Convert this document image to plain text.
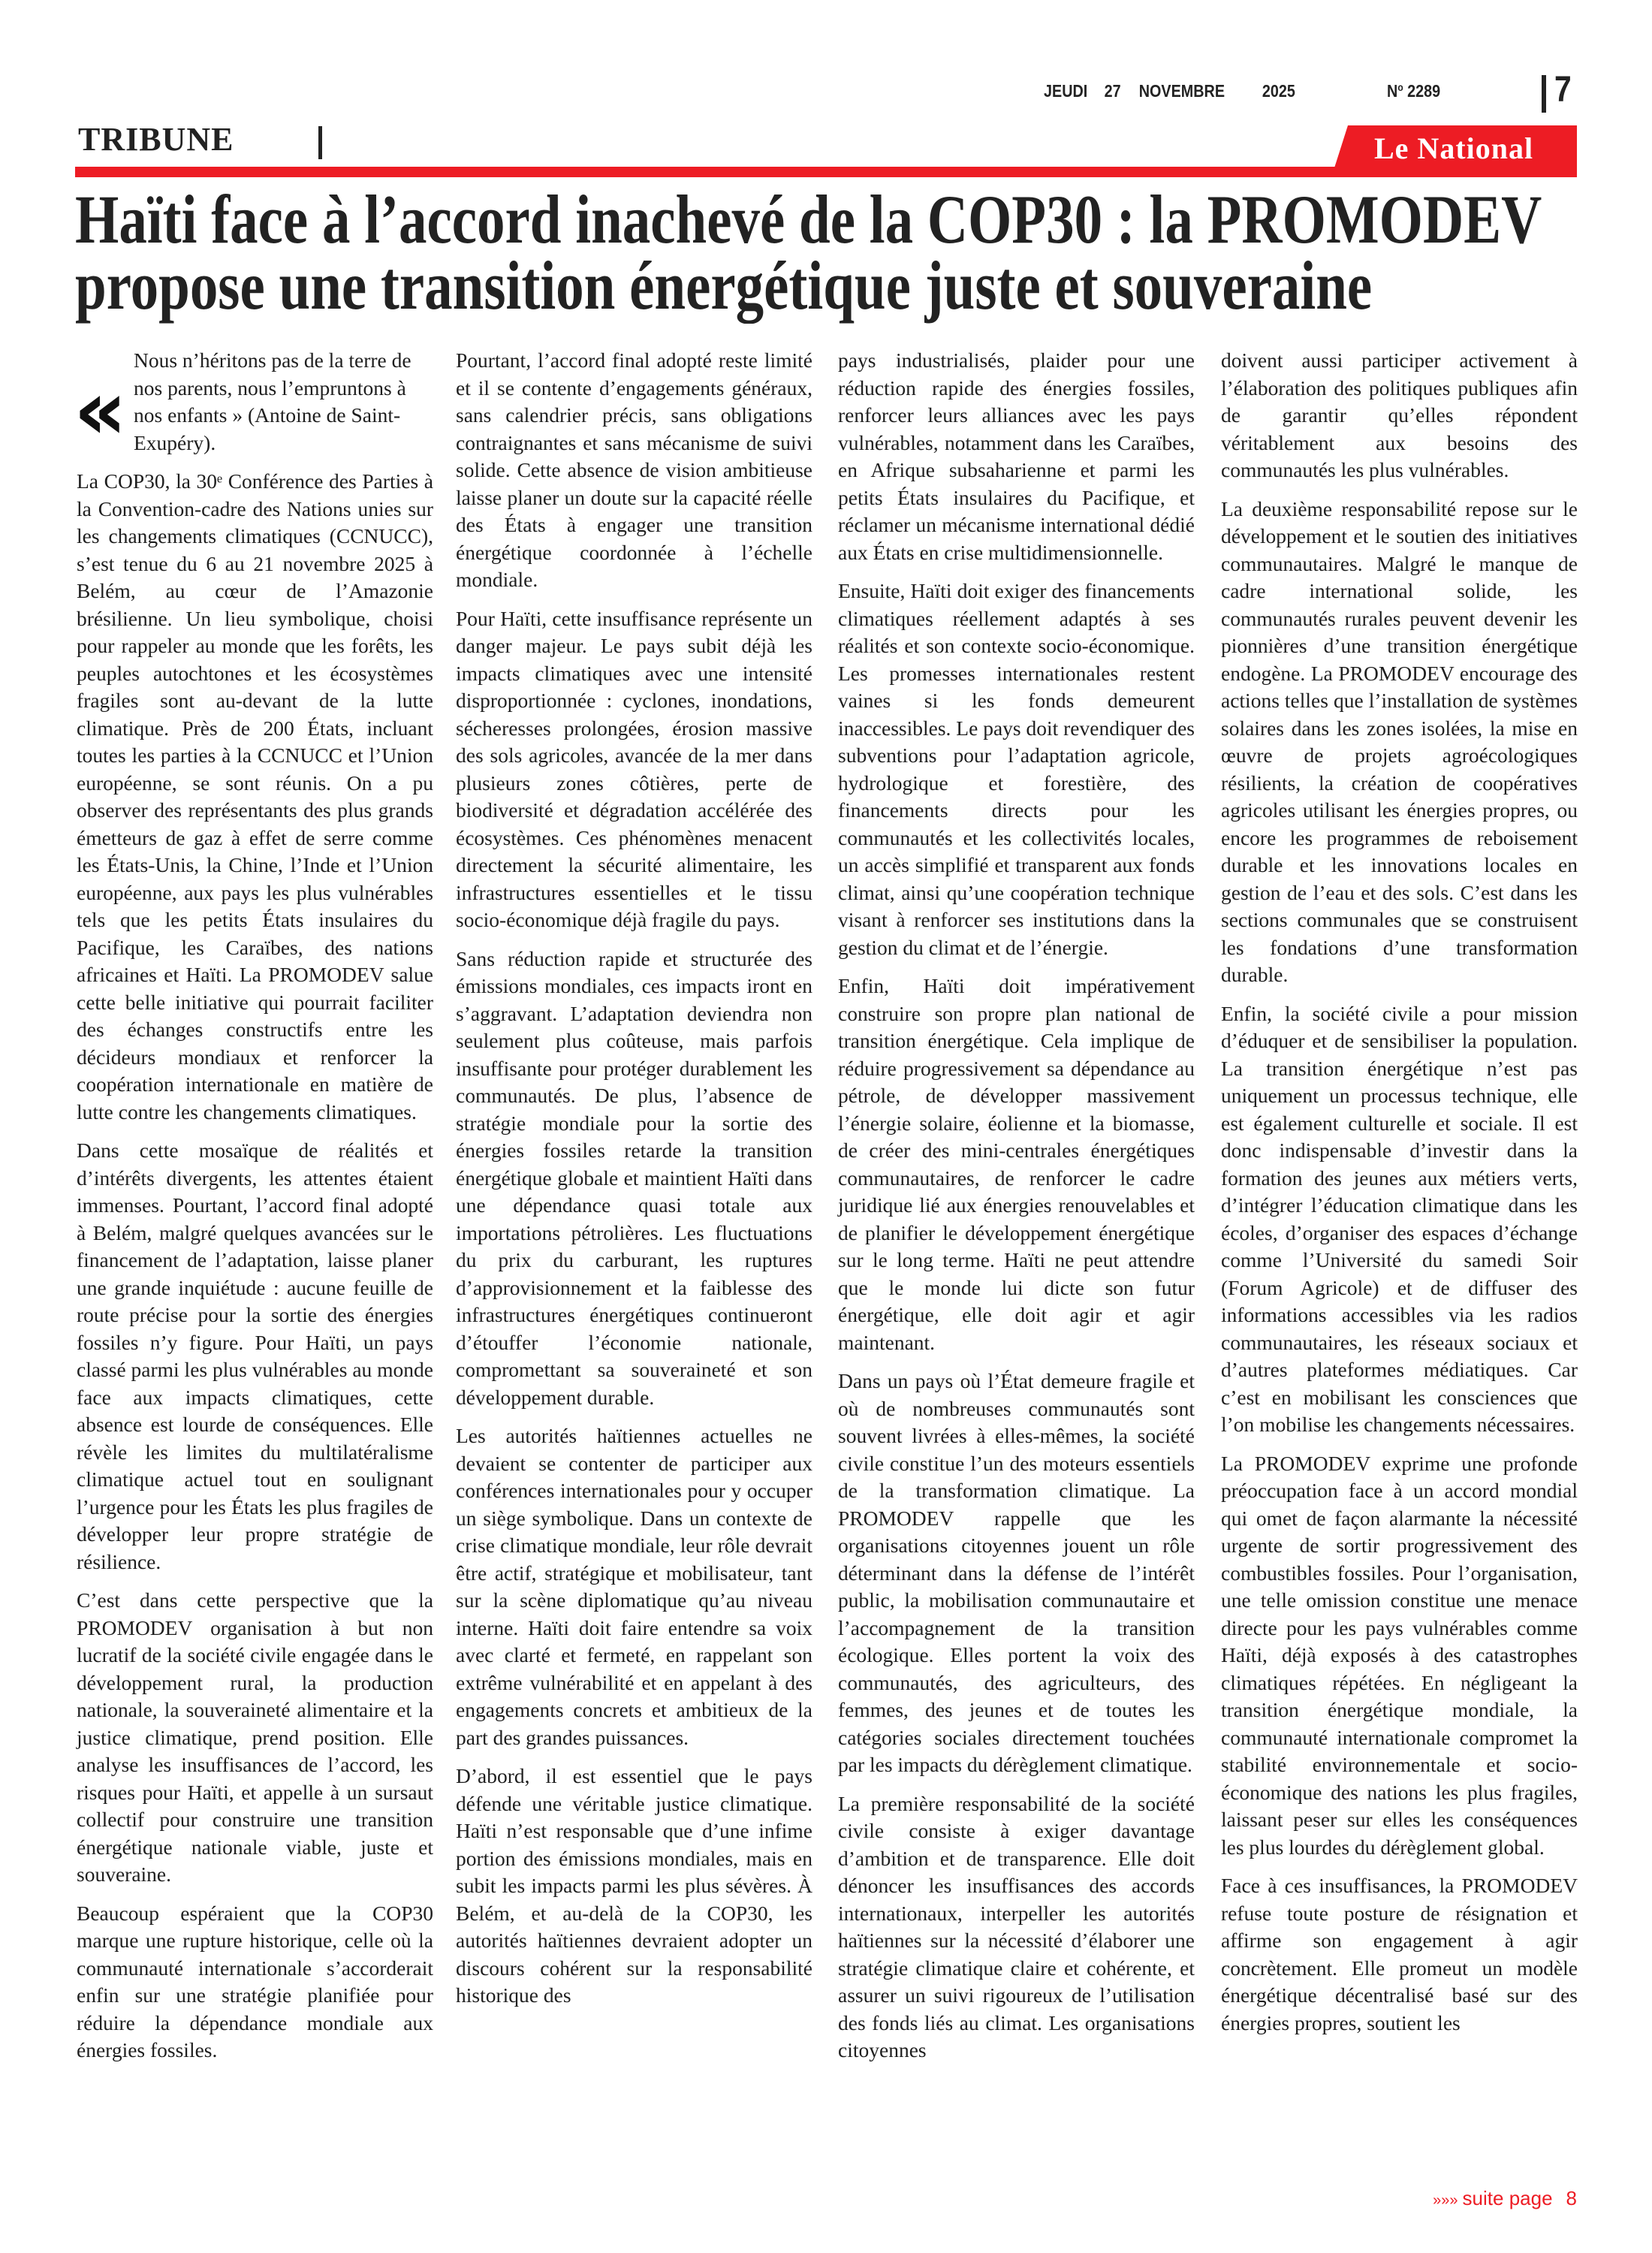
JEUDI 27 NOVEMBRE 2025	$N^o$ 2289	7
TRIBUNE	Le National
Haïti face à l’accord inachevé de la COP30 : la PROMODEV
propose une transition énergétique juste et souveraine
«
Nous n’héritons pas de la terre de nos parents, nous l’empruntons à nos enfants » (Antoine de Saint-Exupéry).

La COP30, la 30ᵉ Conférence des Parties à la Convention-cadre des Nations unies sur les changements climatiques (CCNUCC), s’est tenue du 6 au 21 novembre 2025 à Belém, au cœur de l’Amazonie brésilienne. Un lieu symbolique, choisi pour rappeler au monde que les forêts, les peuples autochtones et les écosystèmes fragiles sont au-devant de la lutte climatique. Près de 200 États, incluant toutes les parties à la CCNUCC et l’Union européenne, se sont réunis. On a pu observer des représentants des plus grands émetteurs de gaz à effet de serre comme les États-Unis, la Chine, l’Inde et l’Union européenne, aux pays les plus vulnérables tels que les petits États insulaires du Pacifique, les Caraïbes, des nations africaines et Haïti. La PROMODEV salue cette belle initiative qui pourrait faciliter des échanges constructifs entre les décideurs mondiaux et renforcer la coopération internationale en matière de lutte contre les changements climatiques.

Dans cette mosaïque de réalités et d’intérêts divergents, les attentes étaient immenses. Pourtant, l’accord final adopté à Belém, malgré quelques avancées sur le financement de l’adaptation, laisse planer une grande inquiétude : aucune feuille de route précise pour la sortie des énergies fossiles n’y figure. Pour Haïti, un pays classé parmi les plus vulnérables au monde face aux impacts climatiques, cette absence est lourde de conséquences. Elle révèle les limites du multilatéralisme climatique actuel tout en soulignant l’urgence pour les États les plus fragiles de développer leur propre stratégie de résilience.

C’est dans cette perspective que la PROMODEV organisation à but non lucratif de la société civile engagée dans le développement rural, la production nationale, la souveraineté alimentaire et la justice climatique, prend position. Elle analyse les insuffisances de l’accord, les risques pour Haïti, et appelle à un sursaut collectif pour construire une transition énergétique nationale viable, juste et souveraine.

Beaucoup espéraient que la COP30 marque une rupture historique, celle où la communauté internationale s’accorderait enfin sur une stratégie planifiée pour réduire la dépendance mondiale aux énergies fossiles.

Pourtant, l’accord final adopté reste limité et il se contente d’engagements généraux, sans calendrier précis, sans obligations contraignantes et sans mécanisme de suivi solide. Cette absence de vision ambitieuse laisse planer un doute sur la capacité réelle des États à engager une transition énergétique coordonnée à l’échelle mondiale.

Pour Haïti, cette insuffisance représente un danger majeur. Le pays subit déjà les impacts climatiques avec une intensité disproportionnée : cyclones, inondations, sécheresses prolongées, érosion massive des sols agricoles, avancée de la mer dans plusieurs zones côtières, perte de biodiversité et dégradation accélérée des écosystèmes. Ces phénomènes menacent directement la sécurité alimentaire, les infrastructures essentielles et le tissu socio-économique déjà fragile du pays.

Sans réduction rapide et structurée des émissions mondiales, ces impacts iront en s’aggravant. L’adaptation deviendra non seulement plus coûteuse, mais parfois insuffisante pour protéger durablement les communautés. De plus, l’absence de stratégie mondiale pour la sortie des énergies fossiles retarde la transition énergétique globale et maintient Haïti dans une dépendance quasi totale aux importations pétrolières. Les fluctuations du prix du carburant, les ruptures d’approvisionnement et la faiblesse des infrastructures énergétiques continueront d’étouffer l’économie nationale, compromettant sa souveraineté et son développement durable.

Les autorités haïtiennes actuelles ne devaient se contenter de participer aux conférences internationales pour y occuper un siège symbolique. Dans un contexte de crise climatique mondiale, leur rôle devrait être actif, stratégique et mobilisateur, tant sur la scène diplomatique qu’au niveau interne. Haïti doit faire entendre sa voix avec clarté et fermeté, en rappelant son extrême vulnérabilité et en appelant à des engagements concrets et ambitieux de la part des grandes puissances.

D’abord, il est essentiel que le pays défende une véritable justice climatique. Haïti n’est responsable que d’une infime portion des émissions mondiales, mais en subit les impacts parmi les plus sévères. À Belém, et au-delà de la COP30, les autorités haïtiennes devraient adopter un discours cohérent sur la responsabilité historique des

pays industrialisés, plaider pour une réduction rapide des énergies fossiles, renforcer leurs alliances avec les pays vulnérables, notamment dans les Caraïbes, en Afrique subsaharienne et parmi les petits États insulaires du Pacifique, et réclamer un mécanisme international dédié aux États en crise multidimensionnelle.

Ensuite, Haïti doit exiger des financements climatiques réellement adaptés à ses réalités et son contexte socio-économique. Les promesses internationales restent vaines si les fonds demeurent inaccessibles. Le pays doit revendiquer des subventions pour l’adaptation agricole, hydrologique et forestière, des financements directs pour les communautés et les collectivités locales, un accès simplifié et transparent aux fonds climat, ainsi qu’une coopération technique visant à renforcer ses institutions dans la gestion du climat et de l’énergie.

Enfin, Haïti doit impérativement construire son propre plan national de transition énergétique. Cela implique de réduire progressivement sa dépendance au pétrole, de développer massivement l’énergie solaire, éolienne et la biomasse, de créer des mini-centrales énergétiques communautaires, de renforcer le cadre juridique lié aux énergies renouvelables et de planifier le développement énergétique sur le long terme. Haïti ne peut attendre que le monde lui dicte son futur énergétique, elle doit agir et agir maintenant.

Dans un pays où l’État demeure fragile et où de nombreuses communautés sont souvent livrées à elles-mêmes, la société civile constitue l’un des moteurs essentiels de la transformation climatique. La PROMODEV rappelle que les organisations citoyennes jouent un rôle déterminant dans la défense de l’intérêt public, la mobilisation communautaire et l’accompagnement de la transition écologique. Elles portent la voix des communautés, des agriculteurs, des femmes, des jeunes et de toutes les catégories sociales directement touchées par les impacts du dérèglement climatique.

La première responsabilité de la société civile consiste à exiger davantage d’ambition et de transparence. Elle doit dénoncer les insuffisances des accords internationaux, interpeller les autorités haïtiennes sur la nécessité d’élaborer une stratégie climatique claire et cohérente, et assurer un suivi rigoureux de l’utilisation des fonds liés au climat. Les organisations citoyennes

doivent aussi participer activement à l’élaboration des politiques publiques afin de garantir qu’elles répondent véritablement aux besoins des communautés les plus vulnérables.

La deuxième responsabilité repose sur le développement et le soutien des initiatives communautaires. Malgré le manque de cadre international solide, les communautés rurales peuvent devenir les pionnières d’une transition énergétique endogène. La PROMODEV encourage des actions telles que l’installation de systèmes solaires dans les zones isolées, la mise en œuvre de projets agroécologiques résilients, la création de coopératives agricoles utilisant les énergies propres, ou encore les programmes de reboisement durable et les innovations locales en gestion de l’eau et des sols. C’est dans les sections communales que se construisent les fondations d’une transformation durable.

Enfin, la société civile a pour mission d’éduquer et de sensibiliser la population. La transition énergétique n’est pas uniquement un processus technique, elle est également culturelle et sociale. Il est donc indispensable d’investir dans la formation des jeunes aux métiers verts, d’intégrer l’éducation climatique dans les écoles, d’organiser des espaces d’échange comme l’Université du samedi Soir (Forum Agricole) et de diffuser des informations accessibles via les radios communautaires, les réseaux sociaux et d’autres plateformes médiatiques. Car c’est en mobilisant les consciences que l’on mobilise les changements nécessaires.

La PROMODEV exprime une profonde préoccupation face à un accord mondial qui omet de façon alarmante la nécessité urgente de sortir progressivement des combustibles fossiles. Pour l’organisation, une telle omission constitue une menace directe pour les pays vulnérables comme Haïti, déjà exposés à des catastrophes climatiques répétées. En négligeant la transition énergétique mondiale, la communauté internationale compromet la stabilité environnementale et socio-économique des nations les plus fragiles, laissant peser sur elles les conséquences les plus lourdes du dérèglement global.

Face à ces insuffisances, la PROMODEV refuse toute posture de résignation et affirme son engagement à agir concrètement. Elle promeut un modèle énergétique décentralisé basé sur des énergies propres, soutient les

»»» suite page 8
